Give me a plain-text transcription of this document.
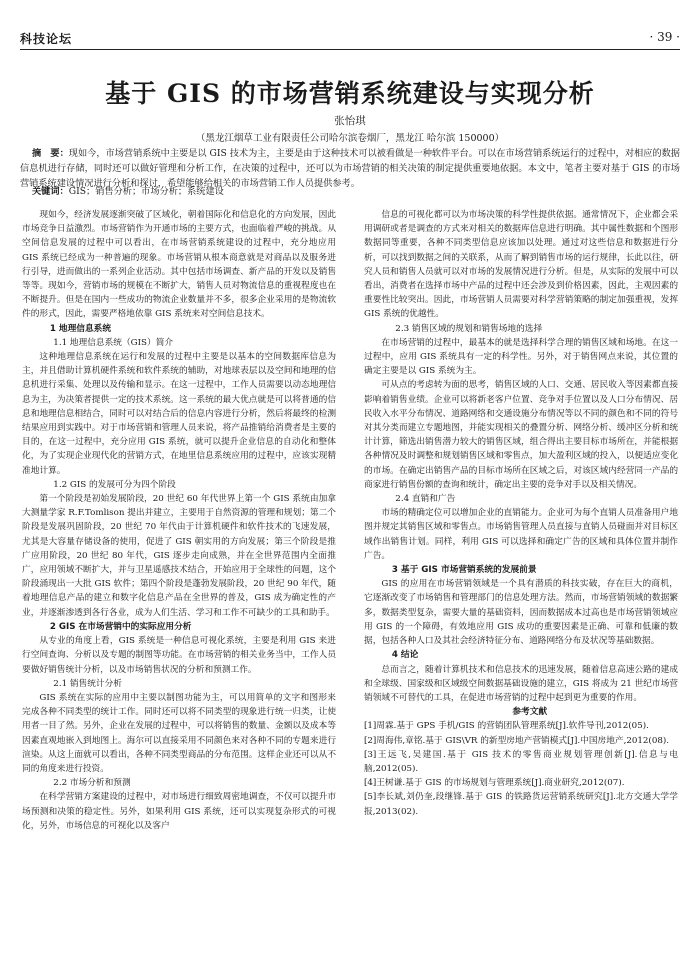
科技论坛	· 39 ·
基于 GIS 的市场营销系统建设与实现分析
张怡琪
（黑龙江烟草工业有限责任公司哈尔滨卷烟厂，黑龙江 哈尔滨 150000）
摘　要：现如今，市场营销系统中主要是以 GIS 技术为主，主要是由于这种技术可以被看做是一种软件平台。可以在市场营销系统运行的过程中，对相应的数据信息机进行存储，同时还可以做好管理和分析工作，在决策的过程中，还可以为市场营销的相关决策的制定提供重要地依据。本文中，笔者主要对基于 GIS 的市场营销系统建设情况进行分析和探讨，希望能够给相关的市场营销工作人员提供参考。
关键词：GIS；销售分析；市场分析；系统建设

现如今，经济发展逐渐突破了区域化，朝着国际化和信息化的方向发展，因此市场竞争日益激烈。市场营销作为开通市场的主要方式，也面临着严峻的挑战。从空间信息发展的过程中可以看出，在市场营销系统建设的过程中，充分地应用 GIS 系统已经成为一种普遍的现象。市场营销从根本商意就是对商品以及服务进行引导，进而做出的一系列企业活动。其中包括市场调查、新产品的开发以及销售等等。现如今，营销市场的规模在不断扩大，销售人员对物流信息的重视程度也在不断提升。但是在国内一些成功的物流企业数量并不多，很多企业采用的是物流软件的形式，因此，需要严格地依靠 GIS 系统来对空间信息技术。

1 地理信息系统

1.1 地理信息系统（GIS）简介

这种地理信息系统在运行和发展的过程中主要是以基本的空间数据库信息为主，并且借助计算机硬件系统和软件系统的辅助，对地球表层以及空间和地理的信息机进行采集、处理以及传输和显示。在这一过程中，工作人员需要以动态地理信息为主，为决策者提供一定的技术系统。这一系统的最大优点就是可以将普通的信息和地理信息相结合，同时可以对结合后的信息内容进行分析，然后将最终的检测结果应用到实践中。对于市场营销和管理人员来说，将产品推销给消费者是主要的目的，在这一过程中，充分应用 GIS 系统，就可以提升企业信息的自动化和整体化，为了实现企业现代化的营销方式，在地里信息系统应用的过程中，应该实现精准地计算。

1.2 GIS 的发展可分为四个阶段

第一个阶段是初始发展阶段，20 世纪 60 年代世界上第一个 GIS 系统由加拿大测量学家 R.F.Tomlison 提出并建立，主要用于自然资源的管理和规划；第二个阶段是发展巩固阶段，20 世纪 70 年代由于计算机硬件和软件技术的飞速发展，尤其是大容量存储设备的使用，促进了 GIS 朝实用的方向发展；第三个阶段是推广应用阶段，20 世纪 80 年代，GIS 逐步走向成熟，并在全世界范围内全面推广，应用领域不断扩大，并与卫星遥感技术结合，开始应用于全球性的问题，这个阶段涌现出一大批 GIS 软件；第四个阶段是蓬勃发展阶段，20 世纪 90 年代，随着地理信息产品的建立和数字化信息产品在全世界的普及，GIS 成为确定性的产业，并逐渐渗透到各行各业，成为人们生活、学习和工作不可缺少的工具和助手。

2 GIS 在市场营销中的实际应用分析

从专业的角度上看，GIS 系统是一种信息可视化系统，主要是利用 GIS 来进行空间查询、分析以及专题的制图等功能。在市场营销的相关业务当中，工作人员要做好销售统计分析，以及市场销售状况的分析和预测工作。

2.1 销售统计分析

GIS 系统在实际的应用中主要以制图功能为主，可以用简单的文字和图形来完成各种不同类型的统计工作。同时还可以将不同类型的现象进行统一归类，让使用者一目了然。另外，企业在发展的过程中，可以将销售的数量、金额以及成本等因素直观地嵌入到地图上。海尔可以直接采用不同颜色来对各种不同的专题来进行渲染。从这上面就可以看出，各种不同类型商品的分布范围。这样企业还可以从不同的角度来进行投资。

2.2 市场分析和预测

在科学营销方案建设的过程中，对市场进行细致周密地调查，不仅可以提升市场预测和决策的稳定性。另外，如果利用 GIS 系统，还可以实现复杂形式的可视化，另外，市场信息的可视化以及客户

信息的可视化都可以为市场决策的科学性提供依据。通常情况下，企业都会采用调研或者是调查的方式来对相关的数据库信息进行明确。其中属性数据和个图形数据同等重要，各种不同类型信息应该加以处理。通过对这些信息和数据进行分析，可以找到数据之间的关联系，从而了解到销售市场的运行规律，长此以往，研究人员和销售人员就可以对市场的发展情况进行分析。但是，从实际的发展中可以看出，消费者在选择市场中产品的过程中还会涉及到价格因素，因此，主观因素的重要性比较突出。因此，市场营销人员需要对科学营销策略的制定加强重视，发挥 GIS 系统的优越性。

2.3 销售区域的规划和销售场地的选择

在市场营销的过程中，最基本的就是选择科学合理的销售区域和场地。在这一过程中，应用 GIS 系统具有一定的科学性。另外，对于销售网点来说，其位置的确定主要是以 GIS 系统为主。

可从点的考虑转为面的思考，销售区域的人口、交通、居民收入等因素都直接影响着销售业绩。企业可以将新老客户位置、竞争对手位置以及人口分布情况、居民收入水平分布情况、道路网络和交通设施分布情况等以不同的颜色和不同的符号对其分类而建立专题地图，并能实现相关的叠置分析、网络分析、缓冲区分析和统计计算，筛选出销售潜力较大的销售区域，组合得出主要目标市场所在，并能根据各种情况及时调整和规划销售区域和零售点，加大盈利区域的投入，以便适应变化的市场。在确定出销售产品的目标市场所在区域之后，对该区域内经营同一产品的商家进行销售份额的查询和统计，确定出主要的竞争对手以及相关情况。

2.4 直销和广告

市场的精确定位可以增加企业的直销能力。企业可为每个直销人员准备用户地图并规定其销售区域和零售点。市场销售管理人员直接与直销人员碰面并对目标区域作出销售计划。同样，利用 GIS 可以选择和确定广告的区域和具体位置并制作广告。

3 基于 GIS 市场营销系统的发展前景

GIS 的应用在市场营销领域是一个具有潜质的科技实破，存在巨大的商机，它逐渐改变了市场销售和管理部门的信息处理方法。然而，市场营销领域的数据繁多，数据类型复杂，需要大量的基础资料，因而数据成本过高也是市场营销领域应用 GIS 的一个障碍，有效地应用 GIS 成功的重要因素是正确、可靠和低廉的数据，包括各种人口及其社会经济特征分布、道路网络分布及状况等基础数据。

4 结论

总而言之，随着计算机技术和信息技术的迅速发展，随着信息高速公路的建成和全球级、国家级和区域级空间数据基础设施的建立，GIS 将成为 21 世纪市场营销领域不可替代的工具，在促进市场营销的过程中起到更为重要的作用。

参考文献

[1]周霖.基于 GPS 手机/GIS 的营销团队管理系统[J].软件导刊,2012(05).

[2]周海伟,章铭.基于 GIS\VR 的新型房地产营销模式[J].中国房地产,2012(08).

[3]王远飞,吴建国.基于 GIS 技术的零售商业规划管理创新[J].信息与电脑,2012(05).

[4]王树谦.基于 GIS 的市场规划与管理系统[J].商业研究,2012(07).

[5]李长斌,刘仍奎,段继锋.基于 GIS 的铁路货运营销系统研究[J].北方交通大学学报,2013(02).
